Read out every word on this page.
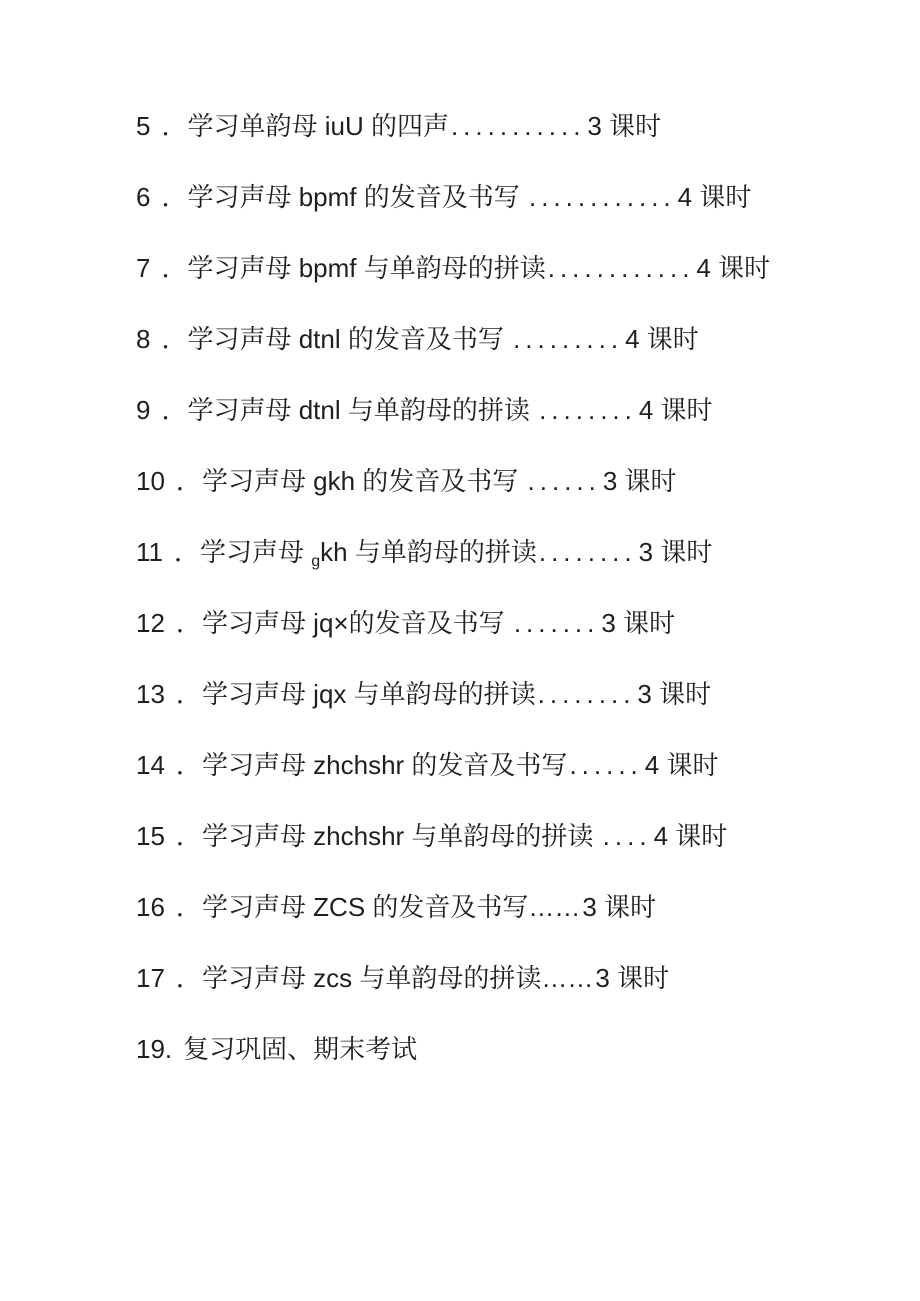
5 ．学习单韵母 iuU 的四声...........3 课时

6 ．学习声母 bpmf 的发音及书写 ............4 课时

7 ．学习声母 bpmf 与单韵母的拼读............4 课时

8 ．学习声母 dtnl 的发音及书写 .........4 课时

9 ．学习声母 dtnl 与单韵母的拼读 ........4 课时

10 ．学习声母 gkh 的发音及书写 ......3 课时

11 ．学习声母 $_g$kh 与单韵母的拼读........3 课时

12 ．学习声母 jq×的发音及书写 .......3 课时

13 ．学习声母 jqx 与单韵母的拼读........3 课时

14 ．学习声母 zhchshr 的发音及书写......4 课时

15 ．学习声母 zhchshr 与单韵母的拼读 ....4 课时

16 ．学习声母 ZCS 的发音及书写……3 课时

17 ．学习声母 zcs 与单韵母的拼读……3 课时

19. 复习巩固、期末考试
